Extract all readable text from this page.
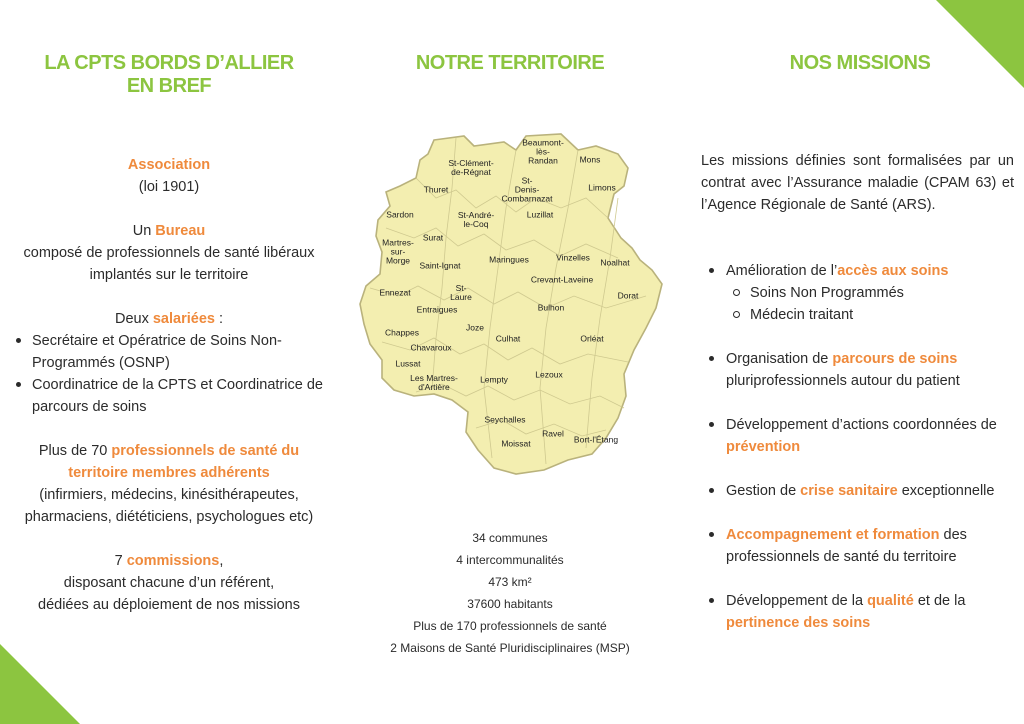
LA CPTS BORDS D’ALLIER
EN BREF

Association

(loi 1901)

Un Bureau

composé de professionnels de santé libéraux

implantés sur le territoire

Deux salariées :

Secrétaire et Opératrice de Soins Non-
Programmés (OSNP)
Coordinatrice de la CPTS et Coordinatrice de
parcours de soins

Plus de 70 professionnels de santé du

territoire membres adhérents

(infirmiers, médecins, kinésithérapeutes,

pharmaciens, diététiciens, psychologues etc)

7 commissions,

disposant chacune d’un référent,

dédiées au déploiement de nos missions

NOTRE TERRITOIRE
Beaumont-
lès-
Randan	Mons
St-Clément-
de-Régnat
St-
Denis-
Combarnazat
Thuret	Limons
Sardon	St-André-
le-Coq
Luzillat
Surat
Martres-
sur-
Morge	Maringues	Vinzelles Noalhat
Saint-Ignat
Crevant-Laveine
St-
Laure
Ennezat	Dorat
Entraigues	Bulhon
Chappes	Joze
Culhat	Orléat
Chavaroux
Lussat
Les Martres-
d'Artière
Lempty	Lezoux
Seychalles
Ravel
Moissat	Bort-l'Étang

34 communes

4 intercommunalités

473 km²

37600 habitants

Plus de 170 professionnels de santé

2 Maisons de Santé Pluridisciplinaires (MSP)

NOS MISSIONS

Les missions définies sont formalisées par un contrat avec l’Assurance maladie (CPAM 63) et l’Agence Régionale de Santé (ARS).

Amélioration de l’accès aux soins
Soins Non Programmés
Médecin traitant
Organisation de parcours de soins
pluriprofessionnels autour du patient
Développement d’actions coordonnées de
prévention
Gestion de crise sanitaire exceptionnelle
Accompagnement et formation des
professionnels de santé du territoire
Développement de la qualité et de la
pertinence des soins
